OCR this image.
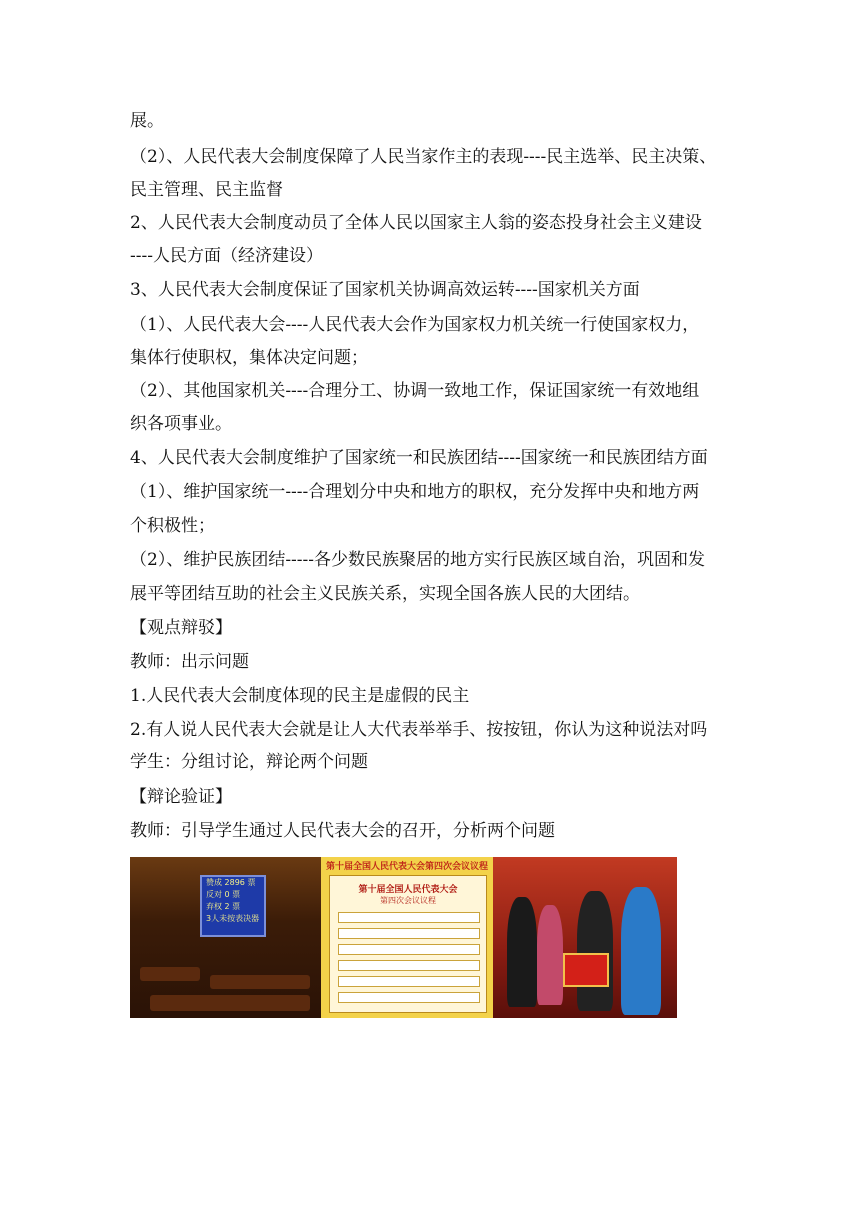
展。
（2）、人民代表大会制度保障了人民当家作主的表现----民主选举、民主决策、
民主管理、民主监督
2、人民代表大会制度动员了全体人民以国家主人翁的姿态投身社会主义建设
----人民方面（经济建设）
3、人民代表大会制度保证了国家机关协调高效运转----国家机关方面
（1）、人民代表大会----人民代表大会作为国家权力机关统一行使国家权力，
集体行使职权，集体决定问题；
（2）、其他国家机关----合理分工、协调一致地工作，保证国家统一有效地组
织各项事业。
4、人民代表大会制度维护了国家统一和民族团结----国家统一和民族团结方面
（1）、维护国家统一----合理划分中央和地方的职权，充分发挥中央和地方两
个积极性；
（2）、维护民族团结-----各少数民族聚居的地方实行民族区域自治，巩固和发
展平等团结互助的社会主义民族关系，实现全国各族人民的大团结。
【观点辩驳】
教师：出示问题
1.人民代表大会制度体现的民主是虚假的民主
2.有人说人民代表大会就是让人大代表举举手、按按钮，你认为这种说法对吗
学生：分组讨论，辩论两个问题
【辩论验证】
教师：引导学生通过人民代表大会的召开，分析两个问题
赞成 2896 票
反对 0 票
弃权 2 票
3人未按表决器
第十届全国人民代表大会第四次会议议程
第十届全国人民代表大会
第四次会议议程
